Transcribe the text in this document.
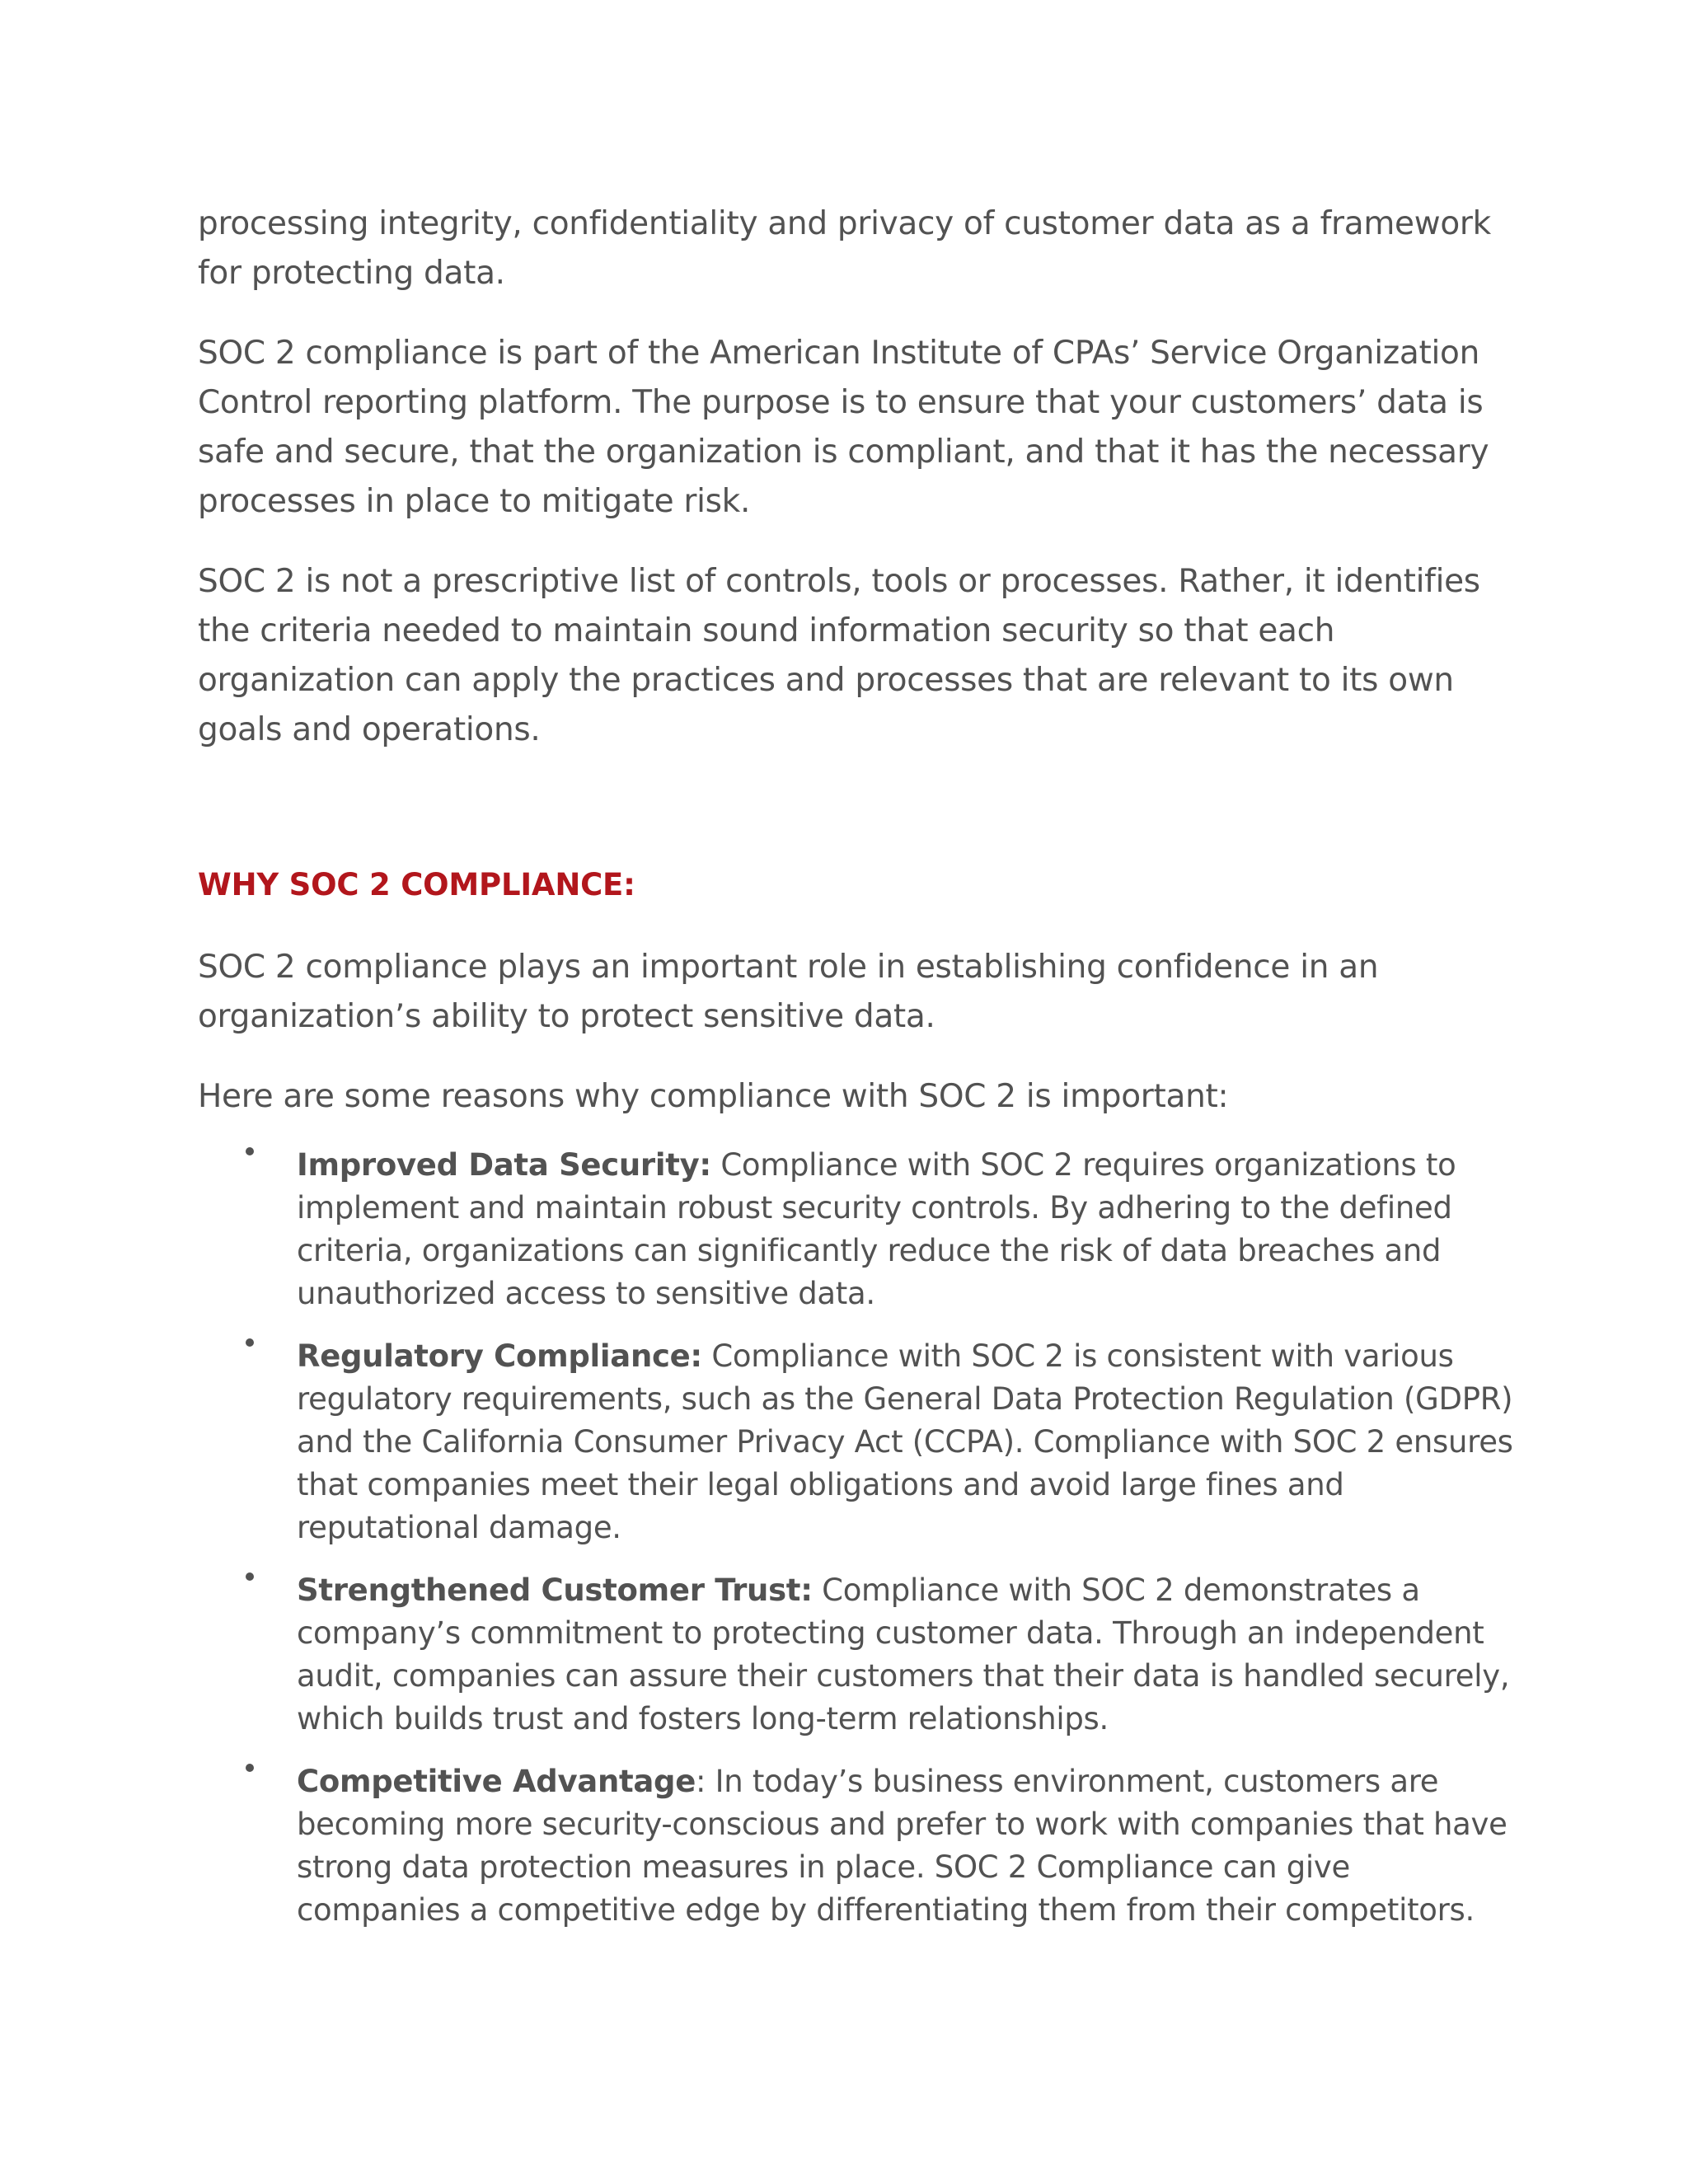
processing integrity, confidentiality and privacy of customer data as a framework for protecting data.

SOC 2 compliance is part of the American Institute of CPAs’ Service Organization Control reporting platform. The purpose is to ensure that your customers’ data is safe and secure, that the organization is compliant, and that it has the necessary processes in place to mitigate risk.

SOC 2 is not a prescriptive list of controls, tools or processes. Rather, it identifies the criteria needed to maintain sound information security so that each organization can apply the practices and processes that are relevant to its own goals and operations.

WHY SOC 2 COMPLIANCE:

SOC 2 compliance plays an important role in establishing confidence in an organization’s ability to protect sensitive data.

Here are some reasons why compliance with SOC 2 is important:

Improved Data Security: Compliance with SOC 2 requires organizations to implement and maintain robust security controls. By adhering to the defined criteria, organizations can significantly reduce the risk of data breaches and unauthorized access to sensitive data.
Regulatory Compliance: Compliance with SOC 2 is consistent with various regulatory requirements, such as the General Data Protection Regulation (GDPR) and the California Consumer Privacy Act (CCPA). Compliance with SOC 2 ensures that companies meet their legal obligations and avoid large fines and reputational damage.
Strengthened Customer Trust: Compliance with SOC 2 demonstrates a company’s commitment to protecting customer data. Through an independent audit, companies can assure their customers that their data is handled securely, which builds trust and fosters long-term relationships.
Competitive Advantage: In today’s business environment, customers are becoming more security-conscious and prefer to work with companies that have strong data protection measures in place. SOC 2 Compliance can give companies a competitive edge by differentiating them from their competitors.
